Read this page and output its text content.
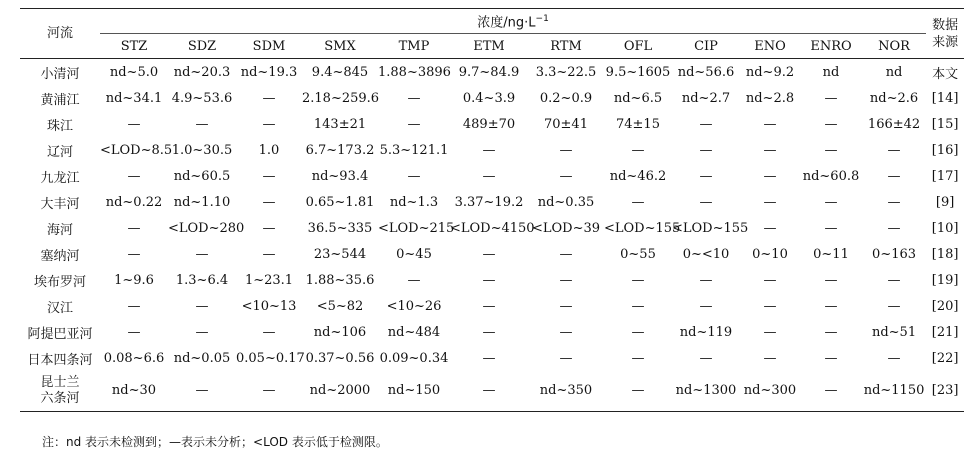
河流	浓度$/ng\cdot L^{-1}$												数据
来源
	STZ	SDZ	SDM	SMX	TMP	ETM	RTM	OFL	CIP	ENO	ENRO	NOR	
小清河	nd~5.0	nd~20.3	nd~19.3	9.4~845	1.88~3896	9.7~84.9	3.3~22.5	9.5~1605	nd~56.6	nd~9.2	nd	nd	本文
黄浦江	nd~34.1	4.9~53.6	—	2.18~259.6	—	0.4~3.9	0.2~0.9	nd~6.5	nd~2.7	nd~2.8	—	nd~2.6	[14]
珠江	—	—	—	143±21	—	489±70	70±41	74±15	—	—	—	166±42	[15]
辽河	<LOD~8.5	1.0~30.5	1.0	6.7~173.2	5.3~121.1	—	—	—	—	—	—	—	[16]
九龙江	—	nd~60.5	—	nd~93.4	—	—	—	nd~46.2	—	—	nd~60.8	—	[17]
大丰河	nd~0.22	nd~1.10	—	0.65~1.81	nd~1.3	3.37~19.2	nd~0.35	—	—	—	—	—	[9]
海河	—	<LOD~280	—	36.5~335	<LOD~215	<LOD~4150	<LOD~39	<LOD~155	<LOD~155	—	—	—	[10]
塞纳河	—	—	—	23~544	0~45	—	—	0~55	0~<10	0~10	0~11	0~163	[18]
埃布罗河	1~9.6	1.3~6.4	1~23.1	1.88~35.6	—	—	—	—	—	—	—	—	[19]
汉江	—	—	<10~13	<5~82	<10~26	—	—	—	—	—	—	—	[20]
阿提巴亚河	—	—	—	nd~106	nd~484	—	—	—	nd~119	—	—	nd~51	[21]
日本四条河	0.08~6.6	nd~0.05	0.05~0.17	0.37~0.56	0.09~0.34	—	—	—	—	—	—	—	[22]
昆士兰
六条河	nd~30	—	—	nd~2000	nd~150	—	nd~350	—	nd~1300	nd~300	—	nd~1150	[23]
注：nd 表示未检测到；—表示未分析；<LOD 表示低于检测限。
